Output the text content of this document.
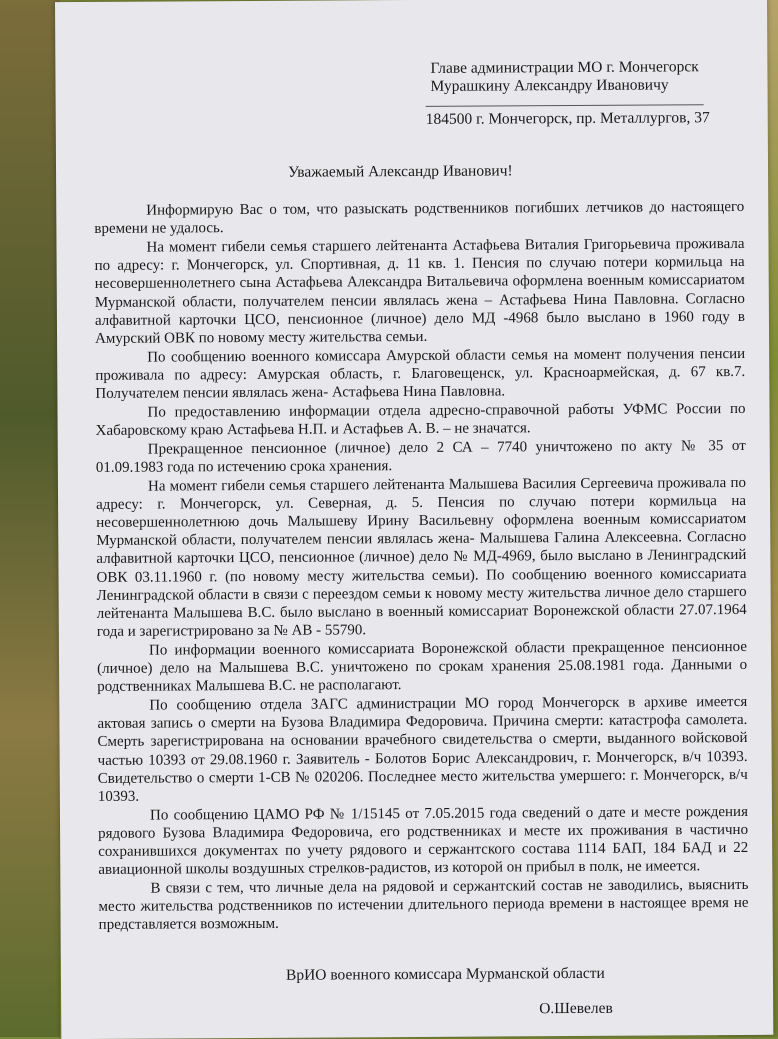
Главе администрации МО г. Мончегорск
Мурашкину Александру Ивановичу
184500 г. Мончегорск, пр. Металлургов, 37
Уважаемый Александр Иванович!

Информирую Вас о том, что разыскать родственников погибших летчиков до настоящего времени не удалось.

На момент гибели семья старшего лейтенанта Астафьева Виталия Григорьевича проживала по адресу: г. Мончегорск, ул. Спортивная, д. 11 кв. 1. Пенсия по случаю потери кормильца на несовершеннолетнего сына Астафьева Александра Витальевича оформлена военным комиссариатом Мурманской области, получателем пенсии являлась жена – Астафьева Нина Павловна. Согласно алфавитной карточки ЦСО, пенсионное (личное) дело МД -4968 было выслано в 1960 году в Амурский ОВК по новому месту жительства семьи.

По сообщению военного комиссара Амурской области семья на момент получения пенсии проживала по адресу: Амурская область, г. Благовещенск, ул. Красноармейская, д. 67 кв.7. Получателем пенсии являлась жена- Астафьева Нина Павловна.

По предоставлению информации отдела адресно-справочной работы УФМС России по Хабаровскому краю Астафьева Н.П. и Астафьев А. В. – не значатся.

Прекращенное пенсионное (личное) дело 2 СА – 7740 уничтожено по акту № 35 от 01.09.1983 года по истечению срока хранения.

На момент гибели семья старшего лейтенанта Малышева Василия Сергеевича проживала по адресу: г. Мончегорск, ул. Северная, д. 5. Пенсия по случаю потери кормильца на несовершеннолетнюю дочь Малышеву Ирину Васильевну оформлена военным комиссариатом Мурманской области, получателем пенсии являлась жена- Малышева Галина Алексеевна. Согласно алфавитной карточки ЦСО, пенсионное (личное) дело № МД-4969, было выслано в Ленинградский ОВК 03.11.1960 г. (по новому месту жительства семьи). По сообщению военного комиссариата Ленинградской области в связи с переездом семьи к новому месту жительства личное дело старшего лейтенанта Малышева В.С. было выслано в военный комиссариат Воронежской области 27.07.1964 года и зарегистрировано за № АВ - 55790.

По информации военного комиссариата Воронежской области прекращенное пенсионное (личное) дело на Малышева В.С. уничтожено по срокам хранения 25.08.1981 года. Данными о родственниках Малышева В.С. не располагают.

По сообщению отдела ЗАГС администрации МО город Мончегорск в архиве имеется актовая запись о смерти на Бузова Владимира Федоровича. Причина смерти: катастрофа самолета. Смерть зарегистрирована на основании врачебного свидетельства о смерти, выданного войсковой частью 10393 от 29.08.1960 г. Заявитель - Болотов Борис Александрович, г. Мончегорск, в/ч 10393. Свидетельство о смерти 1-СВ № 020206. Последнее место жительства умершего: г. Мончегорск, в/ч 10393.

По сообщению ЦАМО РФ № 1/15145 от 7.05.2015 года сведений о дате и месте рождения рядового Бузова Владимира Федоровича, его родственниках и месте их проживания в частично сохранившихся документах по учету рядового и сержантского состава 1114 БАП, 184 БАД и 22 авиационной школы воздушных стрелков-радистов, из которой он прибыл в полк, не имеется.

В связи с тем, что личные дела на рядовой и сержантский состав не заводились, выяснить место жительства родственников по истечении длительного периода времени в настоящее время не представляется возможным.

ВрИО военного комиссара Мурманской области
О.Шевелев
